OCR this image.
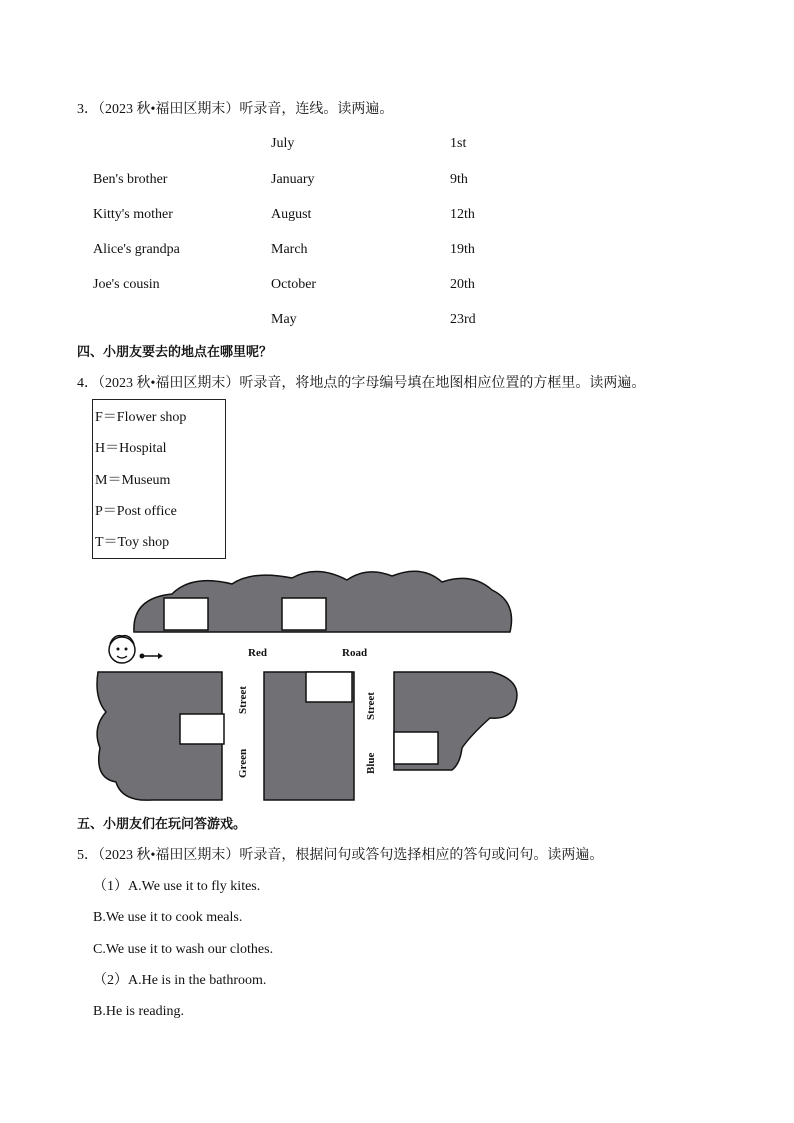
3．（2023 秋•福田区期末）听录音，连线。读两遍。
Ben's brother
Kitty's mother
Alice's grandpa
Joe's cousin
July
January
August
March
October
May
1st
9th
12th
19th
20th
23rd
四、小朋友要去的地点在哪里呢？
4．（2023 秋•福田区期末）听录音，将地点的字母编号填在地图相应位置的方框里。读两遍。
F＝Flower shop
H＝Hospital
M＝Museum
P＝Post office
T＝Toy shop
Red	Road
Street
Green
Street
Blue
五、小朋友们在玩问答游戏。
5．（2023 秋•福田区期末）听录音，根据问句或答句选择相应的答句或问句。读两遍。
（1）A.We use it to fly kites.
B.We use it to cook meals.
C.We use it to wash our clothes.
（2）A.He is in the bathroom.
B.He is reading.
